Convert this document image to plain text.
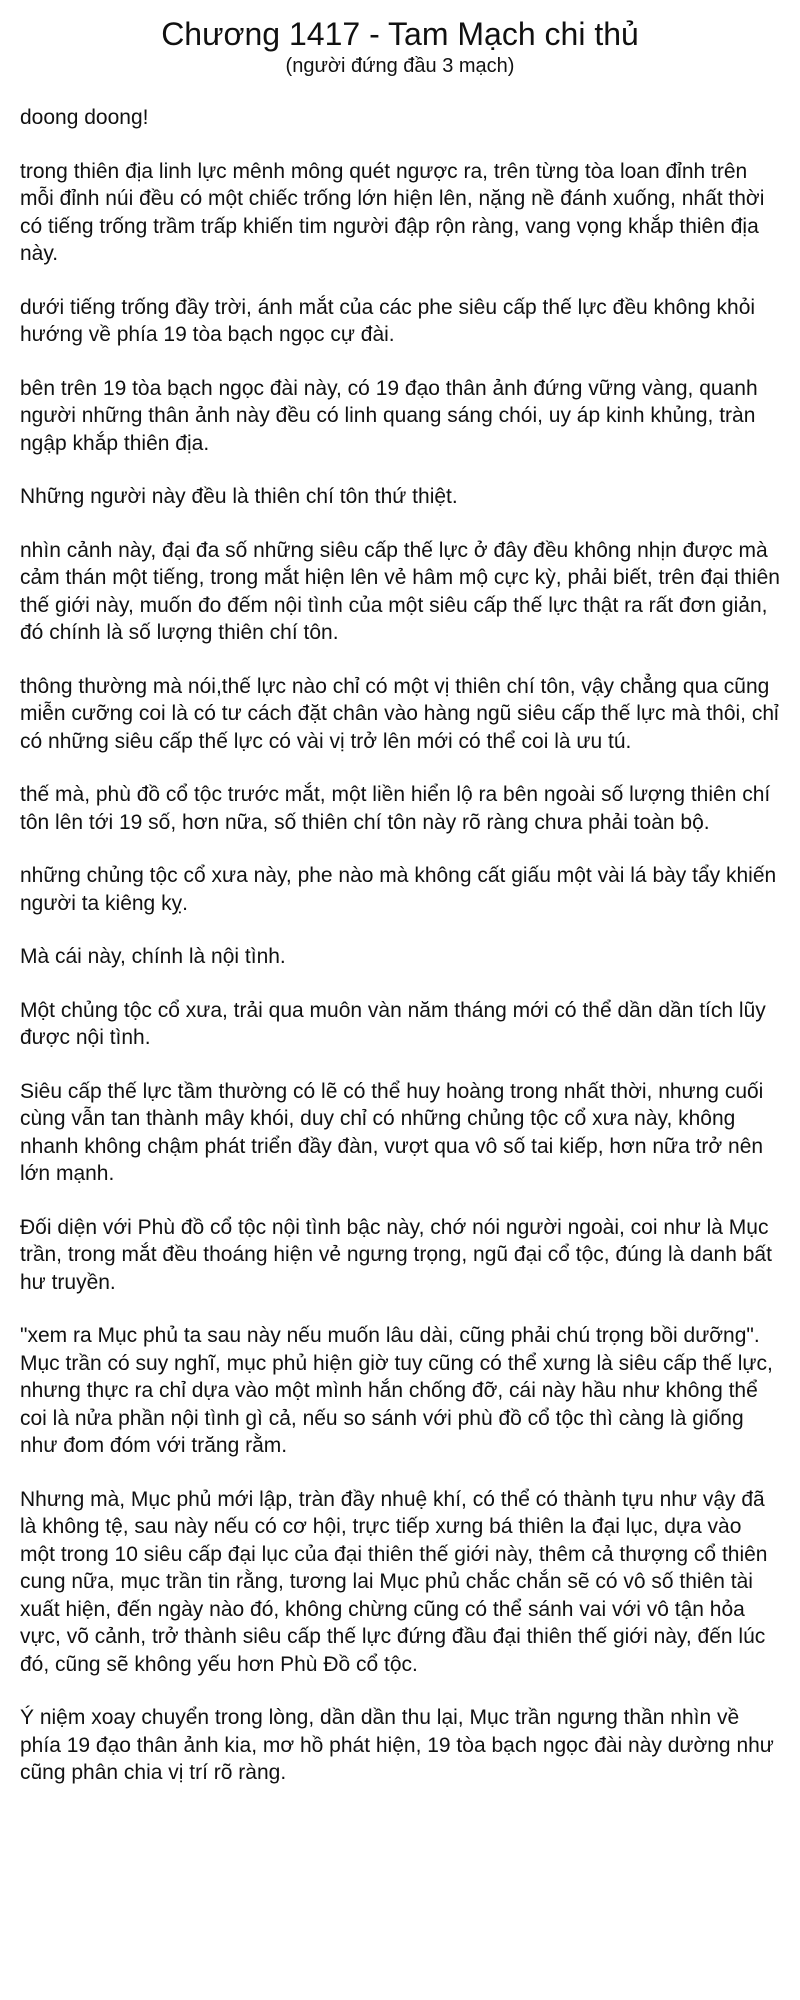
Chương 1417 - Tam Mạch chi thủ
(người đứng đầu 3 mạch)

doong doong!

trong thiên địa linh lực mênh mông quét ngược ra, trên từng tòa loan đỉnh trên mỗi đỉnh núi đều có một chiếc trống lớn hiện lên, nặng nề đánh xuống, nhất thời có tiếng trống trầm trấp khiến tim người đập rộn ràng, vang vọng khắp thiên địa này.

dưới tiếng trống đầy trời, ánh mắt của các phe siêu cấp thế lực đều không khỏi hướng về phía 19 tòa bạch ngọc cự đài.

bên trên 19 tòa bạch ngọc đài này, có 19 đạo thân ảnh đứng vững vàng, quanh người những thân ảnh này đều có linh quang sáng chói, uy áp kinh khủng, tràn ngập khắp thiên địa.

Những người này đều là thiên chí tôn thứ thiệt.

nhìn cảnh này, đại đa số những siêu cấp thế lực ở đây đều không nhịn được mà cảm thán một tiếng, trong mắt hiện lên vẻ hâm mộ cực kỳ, phải biết, trên đại thiên thế giới này, muốn đo đếm nội tình của một siêu cấp thế lực thật ra rất đơn giản, đó chính là số lượng thiên chí tôn.

thông thường mà nói,thế lực nào chỉ có một vị thiên chí tôn, vậy chẳng qua cũng miễn cưỡng coi là có tư cách đặt chân vào hàng ngũ siêu cấp thế lực mà thôi, chỉ có những siêu cấp thế lực có vài vị trở lên mới có thể coi là ưu tú.

thế mà, phù đồ cổ tộc trước mắt, một liền hiển lộ ra bên ngoài số lượng thiên chí tôn lên tới 19 số, hơn nữa, số thiên chí tôn này rõ ràng chưa phải toàn bộ.

những chủng tộc cổ xưa này, phe nào mà không cất giấu một vài lá bày tẩy khiến người ta kiêng kỵ.

Mà cái này, chính là nội tình.

Một chủng tộc cổ xưa, trải qua muôn vàn năm tháng mới có thể dần dần tích lũy được nội tình.

Siêu cấp thế lực tầm thường có lẽ có thể huy hoàng trong nhất thời, nhưng cuối cùng vẫn tan thành mây khói, duy chỉ có những chủng tộc cổ xưa này, không nhanh không chậm phát triển đầy đàn, vượt qua vô số tai kiếp, hơn nữa trở nên lớn mạnh.

Đối diện với Phù đồ cổ tộc nội tình bậc này, chớ nói người ngoài, coi như là Mục trần, trong mắt đều thoáng hiện vẻ ngưng trọng, ngũ đại cổ tộc, đúng là danh bất hư truyền.

"xem ra Mục phủ ta sau này nếu muốn lâu dài, cũng phải chú trọng bồi dưỡng". Mục trần có suy nghĩ, mục phủ hiện giờ tuy cũng có thể xưng là siêu cấp thế lực, nhưng thực ra chỉ dựa vào một mình hắn chống đỡ, cái này hầu như không thể coi là nửa phần nội tình gì cả, nếu so sánh với phù đồ cổ tộc thì càng là giống như đom đóm với trăng rằm.

Nhưng mà, Mục phủ mới lập, tràn đầy nhuệ khí, có thể có thành tựu như vậy đã là không tệ, sau này nếu có cơ hội, trực tiếp xưng bá thiên la đại lục, dựa vào một trong 10 siêu cấp đại lục của đại thiên thế giới này, thêm cả thượng cổ thiên cung nữa, mục trần tin rằng, tương lai Mục phủ chắc chắn sẽ có vô số thiên tài xuất hiện, đến ngày nào đó, không chừng cũng có thể sánh vai với vô tận hỏa vực, võ cảnh, trở thành siêu cấp thế lực đứng đầu đại thiên thế giới này, đến lúc đó, cũng sẽ không yếu hơn Phù Đồ cổ tộc.

Ý niệm xoay chuyển trong lòng, dần dần thu lại, Mục trần ngưng thần nhìn về phía 19 đạo thân ảnh kia, mơ hồ phát hiện, 19 tòa bạch ngọc đài này dường như cũng phân chia vị trí rõ ràng.
